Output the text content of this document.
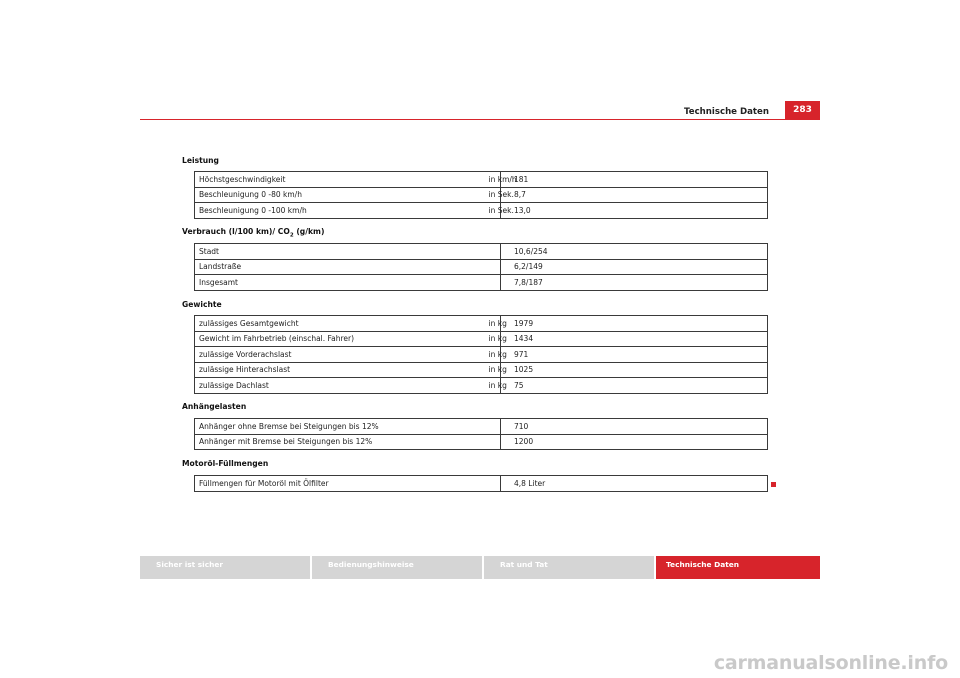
Technische Daten	283
Leistung
Höchstgeschwindigkeit	in km/h	181
Beschleunigung 0 -80 km/h	in Sek.	8,7
Beschleunigung 0 -100 km/h	in Sek.	13,0
Verbrauch (l/100 km)/ $CO_2$ (g/km)
Stadt		10,6/254
Landstraße		6,2/149
Insgesamt		7,8/187
Gewichte
zulässiges Gesamtgewicht	in kg	1979
Gewicht im Fahrbetrieb (einschal. Fahrer)	in kg	1434
zulässige Vorderachslast	in kg	971
zulässige Hinterachslast	in kg	1025
zulässige Dachlast	in kg	75
Anhängelasten
Anhänger ohne Bremse bei Steigungen bis 12%		710
Anhänger mit Bremse bei Steigungen bis 12%		1200
Motoröl-Füllmengen
Füllmengen für Motoröl mit Ölfilter		4,8 Liter
Sicher ist sicher	Bedienungshinweise	Rat und Tat	Technische Daten
carmanualsonline.info
